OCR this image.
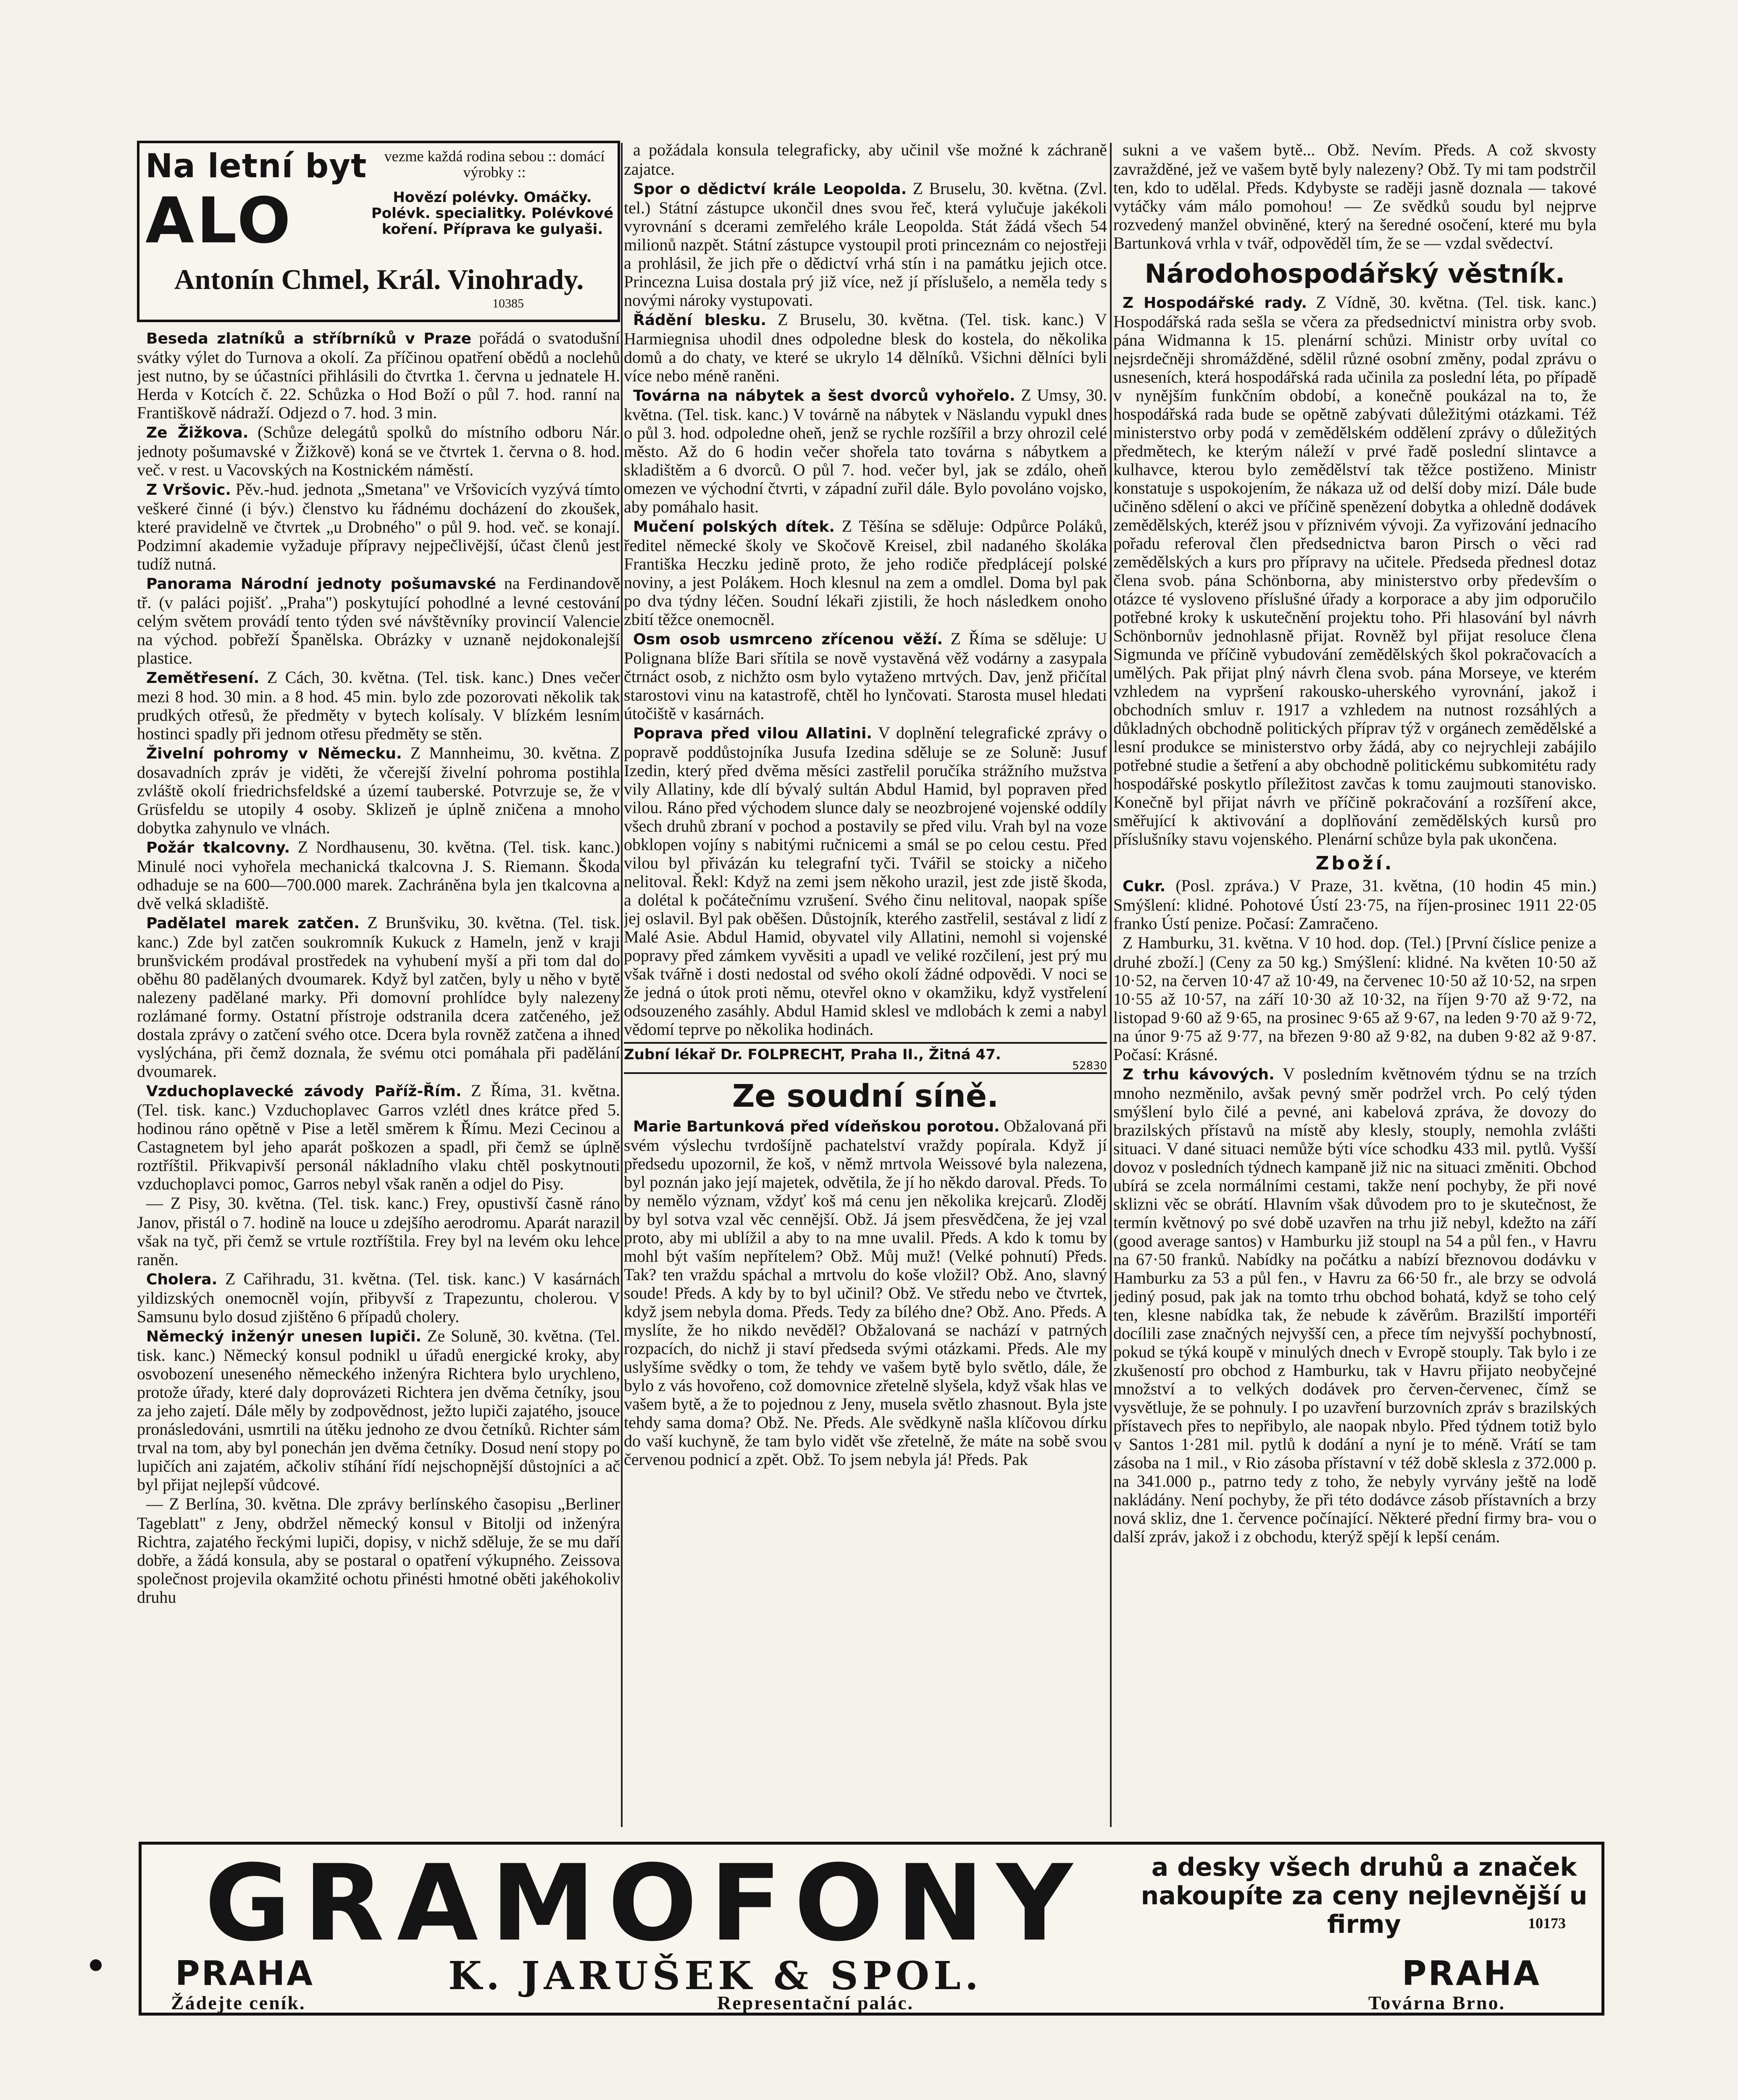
Na letní byt
ALO
vezme každá rodina sebou :: domácí výrobky ::
Hovězí polévky. Omáčky. Polévk. specialitky. Polévkové koření. Příprava ke gulyaši.
Antonín Chmel, Král. Vinohrady.
10385

Beseda zlatníků a stříbrníků v Praze pořádá o svatodušní svátky výlet do Turnova a okolí. Za příčinou opatření obědů a noclehů jest nutno, by se účastníci přihlásili do čtvrtka 1. června u jednatele H. Herda v Kotcích č. 22. Schůzka o Hod Boží o půl 7. hod. ranní na Františkově nádraží. Odjezd o 7. hod. 3 min.

Ze Žižkova. (Schůze delegátů spolků do místního odboru Nár. jednoty pošumavské v Žižkově) koná se ve čtvrtek 1. června o 8. hod. več. v rest. u Vacovských na Kostnickém náměstí.

Z Vršovic. Pěv.-hud. jednota „Smetana" ve Vršovicích vyzývá tímto veškeré činné (i býv.) členstvo ku řádnému docházení do zkoušek, které pravidelně ve čtvrtek „u Drobného" o půl 9. hod. več. se konají. Podzimní akademie vyžaduje přípravy nejpečlivější, účast členů jest tudíž nutná.

Panorama Národní jednoty pošumavské na Ferdinandově tř. (v paláci pojišť. „Praha") poskytující pohodlné a levné cestování celým světem provádí tento týden své návštěvníky provincií Valencie na východ. pobřeží Španělska. Obrázky v uznaně nejdokonalejší plastice.

Zemětřesení. Z Cách, 30. května. (Tel. tisk. kanc.) Dnes večer mezi 8 hod. 30 min. a 8 hod. 45 min. bylo zde pozorovati několik tak prudkých otřesů, že předměty v bytech kolísaly. V blízkém lesním hostinci spadly při jednom otřesu předměty se stěn.

Živelní pohromy v Německu. Z Mannheimu, 30. května. Z dosavadních zpráv je viděti, že včerejší živelní pohroma postihla zvláště okolí friedrichsfeldské a území tauberské. Potvrzuje se, že v Grüsfeldu se utopily 4 osoby. Sklizeň je úplně zničena a mnoho dobytka zahynulo ve vlnách.

Požár tkalcovny. Z Nordhausenu, 30. května. (Tel. tisk. kanc.) Minulé noci vyhořela mechanická tkalcovna J. S. Riemann. Škoda odhaduje se na 600—700.000 marek. Zachráněna byla jen tkalcovna a dvě velká skladiště.

Padělatel marek zatčen. Z Brunšviku, 30. května. (Tel. tisk. kanc.) Zde byl zatčen soukromník Kukuck z Hameln, jenž v kraji brunšvickém prodával prostředek na vyhubení myší a při tom dal do oběhu 80 padělaných dvoumarek. Když byl zatčen, byly u něho v bytě nalezeny padělané marky. Při domovní prohlídce byly nalezeny rozlámané formy. Ostatní přístroje odstranila dcera zatčeného, jež dostala zprávy o zatčení svého otce. Dcera byla rovněž zatčena a ihned vyslýchána, při čemž doznala, že svému otci pomáhala při padělání dvoumarek.

Vzduchoplavecké závody Paříž-Řím. Z Říma, 31. května. (Tel. tisk. kanc.) Vzduchoplavec Garros vzlétl dnes krátce před 5. hodinou ráno opětně v Pise a letěl směrem k Římu. Mezi Cecinou a Castagnetem byl jeho aparát poškozen a spadl, při čemž se úplně roztříštil. Přikvapivší personál nákladního vlaku chtěl poskytnouti vzduchoplavci pomoc, Garros nebyl však raněn a odjel do Pisy.

— Z Pisy, 30. května. (Tel. tisk. kanc.) Frey, opustivší časně ráno Janov, přistál o 7. hodině na louce u zdejšího aerodromu. Aparát narazil však na tyč, při čemž se vrtule roztříštila. Frey byl na levém oku lehce raněn.

Cholera. Z Cařihradu, 31. května. (Tel. tisk. kanc.) V kasárnách yildizských onemocněl vojín, přibyvší z Trapezuntu, cholerou. V Samsunu bylo dosud zjištěno 6 případů cholery.

Německý inženýr unesen lupiči. Ze Soluně, 30. května. (Tel. tisk. kanc.) Německý konsul podnikl u úřadů energické kroky, aby osvobození uneseného německého inženýra Richtera bylo urychleno, protože úřady, které daly doprovázeti Richtera jen dvěma četníky, jsou za jeho zajetí. Dále měly by zodpovědnost, ježto lupiči zajatého, jsouce pronásledováni, usmrtili na útěku jednoho ze dvou četníků. Richter sám trval na tom, aby byl ponechán jen dvěma četníky. Dosud není stopy po lupičích ani zajatém, ačkoliv stíhání řídí nejschopnější důstojníci a ač byl přijat nejlepší vůdcové.

— Z Berlína, 30. května. Dle zprávy berlínského časopisu „Berliner Tageblatt" z Jeny, obdržel německý konsul v Bitolji od inženýra Richtra, zajatého řeckými lupiči, dopisy, v nichž sděluje, že se mu daří dobře, a žádá konsula, aby se postaral o opatření výkupného. Zeissova společnost projevila okamžité ochotu přinésti hmotné oběti jakéhokoliv druhu

a požádala konsula telegraficky, aby učinil vše možné k záchraně zajatce.

Spor o dědictví krále Leopolda. Z Bruselu, 30. května. (Zvl. tel.) Státní zástupce ukončil dnes svou řeč, která vylučuje jakékoli vyrovnání s dcerami zemřelého krále Leopolda. Stát žádá všech 54 milionů nazpět. Státní zástupce vystoupil proti princeznám co nejostřeji a prohlásil, že jich pře o dědictví vrhá stín i na památku jejich otce. Princezna Luisa dostala prý již více, než jí příslušelo, a neměla tedy s novými nároky vystupovati.

Řádění blesku. Z Bruselu, 30. května. (Tel. tisk. kanc.) V Harmiegnisa uhodil dnes odpoledne blesk do kostela, do několika domů a do chaty, ve které se ukrylo 14 dělníků. Všichni dělníci byli více nebo méně raněni.

Továrna na nábytek a šest dvorců vyhořelo. Z Umsy, 30. května. (Tel. tisk. kanc.) V továrně na nábytek v Näslandu vypukl dnes o půl 3. hod. odpoledne oheň, jenž se rychle rozšířil a brzy ohrozil celé město. Až do 6 hodin večer shořela tato továrna s nábytkem a skladištěm a 6 dvorců. O půl 7. hod. večer byl, jak se zdálo, oheň omezen ve východní čtvrti, v západní zuřil dále. Bylo povoláno vojsko, aby pomáhalo hasit.

Mučení polských dítek. Z Těšína se sděluje: Odpůrce Poláků, ředitel německé školy ve Skočově Kreisel, zbil nadaného školáka Františka Heczku jedině proto, že jeho rodiče předplácejí polské noviny, a jest Polákem. Hoch klesnul na zem a omdlel. Doma byl pak po dva týdny léčen. Soudní lékaři zjistili, že hoch následkem onoho zbití těžce onemocněl.

Osm osob usmrceno zřícenou věží. Z Říma se sděluje: U Polignana blíže Bari sřítila se nově vystavěná věž vodárny a zasypala čtrnáct osob, z nichžto osm bylo vytaženo mrtvých. Dav, jenž přičítal starostovi vinu na katastrofě, chtěl ho lynčovati. Starosta musel hledati útočiště v kasárnách.

Poprava před vilou Allatini. V doplnění telegrafické zprávy o popravě poddůstojníka Jusufa Izedina sděluje se ze Soluně: Jusuf Izedin, který před dvěma měsíci zastřelil poručíka strážního mužstva vily Allatiny, kde dlí bývalý sultán Abdul Hamid, byl popraven před vilou. Ráno před východem slunce daly se neozbrojené vojenské oddíly všech druhů zbraní v pochod a postavily se před vilu. Vrah byl na voze obklopen vojíny s nabitými ručnicemi a smál se po celou cestu. Před vilou byl přivázán ku telegrafní tyči. Tvářil se stoicky a ničeho nelitoval. Řekl: Když na zemi jsem někoho urazil, jest zde jistě škoda, a dolétal k počátečnímu vzrušení. Svého činu nelitoval, naopak spíše jej oslavil. Byl pak oběšen. Důstojník, kterého zastřelil, sestával z lidí z Malé Asie. Abdul Hamid, obyvatel vily Allatini, nemohl si vojenské popravy před zámkem vyvěsiti a upadl ve veliké rozčilení, jest prý mu však tvářně i dosti nedostal od svého okolí žádné odpovědi. V noci se že jedná o útok proti němu, otevřel okno v okamžiku, když vystřelení odsouzeného zasáhly. Abdul Hamid sklesl ve mdlobách k zemi a nabyl vědomí teprve po několika hodinách.

Zubní lékař Dr. FOLPRECHT, Praha II., Žitná 47.
52830
Ze soudní síně.

Marie Bartunková před vídeňskou porotou. Obžalovaná při svém výslechu tvrdošíjně pachatelství vraždy popírala. Když jí předsedu upozornil, že koš, v němž mrtvola Weissové byla nalezena, byl poznán jako její majetek, odvětila, že jí ho někdo daroval. Předs. To by nemělo význam, vždyť koš má cenu jen několika krejcarů. Zloděj by byl sotva vzal věc cennější. Obž. Já jsem přesvědčena, že jej vzal proto, aby mi ublížil a aby to na mne uvalil. Předs. A kdo k tomu by mohl být vaším nepřítelem? Obž. Můj muž! (Velké pohnutí) Předs. Tak? ten vraždu spáchal a mrtvolu do koše vložil? Obž. Ano, slavný soude! Předs. A kdy by to byl učinil? Obž. Ve středu nebo ve čtvrtek, když jsem nebyla doma. Předs. Tedy za bílého dne? Obž. Ano. Předs. A myslíte, že ho nikdo nevěděl? Obžalovaná se nachází v patrných rozpacích, do nichž ji staví předseda svými otázkami. Předs. Ale my uslyšíme svědky o tom, že tehdy ve vašem bytě bylo světlo, dále, že bylo z vás hovořeno, což domovnice zřetelně slyšela, když však hlas ve vašem bytě, a že to pojednou z Jeny, musela světlo zhasnout. Byla jste tehdy sama doma? Obž. Ne. Předs. Ale svědkyně našla klíčovou dírku do vaší kuchyně, že tam bylo vidět vše zřetelně, že máte na sobě svou červenou podnicí a zpět. Obž. To jsem nebyla já! Předs. Pak

sukni a ve vašem bytě... Obž. Nevím. Předs. A což skvosty zavražděné, jež ve vašem bytě byly nalezeny? Obž. Ty mi tam podstrčil ten, kdo to udělal. Předs. Kdybyste se raději jasně doznala — takové vytáčky vám málo pomohou! — Ze svědků soudu byl nejprve rozvedený manžel obviněné, který na šeredné osočení, které mu byla Bartunková vrhla v tvář, odpověděl tím, že se — vzdal svědectví.

Národohospodářský věstník.

Z Hospodářské rady. Z Vídně, 30. května. (Tel. tisk. kanc.) Hospodářská rada sešla se včera za předsednictví ministra orby svob. pána Widmanna k 15. plenární schůzi. Ministr orby uvítal co nejsrdečněji shromážděné, sdělil různé osobní změny, podal zprávu o usneseních, která hospodářská rada učinila za poslední léta, po případě v nynějším funkčním období, a konečně poukázal na to, že hospodářská rada bude se opětně zabývati důležitými otázkami. Též ministerstvo orby podá v zemědělském oddělení zprávy o důležitých předmětech, ke kterým náleží v prvé řadě poslední slintavce a kulhavce, kterou bylo zemědělství tak těžce postiženo. Ministr konstatuje s uspokojením, že nákaza už od delší doby mizí. Dále bude učiněno sdělení o akci ve příčině spenězení dobytka a ohledně dodávek zemědělských, kteréž jsou v příznivém vývoji. Za vyřizování jednacího pořadu referoval člen předsednictva baron Pirsch o věci rad zemědělských a kurs pro přípravy na učitele. Předseda přednesl dotaz člena svob. pána Schönborna, aby ministerstvo orby především o otázce té vysloveno příslušné úřady a korporace a aby jim odporučilo potřebné kroky k uskutečnění projektu toho. Při hlasování byl návrh Schönbornův jednohlasně přijat. Rovněž byl přijat resoluce člena Sigmunda ve příčině vybudování zemědělských škol pokračovacích a umělých. Pak přijat plný návrh člena svob. pána Morseye, ve kterém vzhledem na vypršení rakousko-uherského vyrovnání, jakož i obchodních smluv r. 1917 a vzhledem na nutnost rozsáhlých a důkladných obchodně politických příprav týž v orgánech zemědělské a lesní produkce se ministerstvo orby žádá, aby co nejrychleji zabájilo potřebné studie a šetření a aby obchodně politickému subkomitétu rady hospodářské poskytlo příležitost zavčas k tomu zaujmouti stanovisko. Konečně byl přijat návrh ve příčině pokračování a rozšíření akce, směřující k aktivování a doplňování zemědělských kursů pro příslušníky stavu vojenského. Plenární schůze byla pak ukončena.

Zboží.

Cukr. (Posl. zpráva.) V Praze, 31. května, (10 hodin 45 min.) Smýšlení: klidné. Pohotové Ústí 23·75, na říjen-prosinec 1911 22·05 franko Ústí penize. Počasí: Zamračeno.

Z Hamburku, 31. května. V 10 hod. dop. (Tel.) [První číslice penize a druhé zboží.] (Ceny za 50 kg.) Smýšlení: klidné. Na květen 10·50 až 10·52, na červen 10·47 až 10·49, na červenec 10·50 až 10·52, na srpen 10·55 až 10·57, na září 10·30 až 10·32, na říjen 9·70 až 9·72, na listopad 9·60 až 9·65, na prosinec 9·65 až 9·67, na leden 9·70 až 9·72, na únor 9·75 až 9·77, na březen 9·80 až 9·82, na duben 9·82 až 9·87. Počasí: Krásné.

Z trhu kávových. V posledním květnovém týdnu se na trzích mnoho nezměnilo, avšak pevný směr podržel vrch. Po celý týden smýšlení bylo čilé a pevné, ani kabelová zpráva, že dovozy do brazilských přístavů na místě aby klesly, stouply, nemohla zvlášti situaci. V dané situaci nemůže býti více schodku 433 mil. pytlů. Vyšší dovoz v posledních týdnech kampaně již nic na situaci změniti. Obchod ubírá se zcela normálními cestami, takže není pochyby, že při nové sklizni věc se obrátí. Hlavním však důvodem pro to je skutečnost, že termín květnový po své době uzavřen na trhu již nebyl, kdežto na září (good average santos) v Hamburku již stoupl na 54 a půl fen., v Havru na 67·50 franků. Nabídky na počátku a nabízí březnovou dodávku v Hamburku za 53 a půl fen., v Havru za 66·50 fr., ale brzy se odvolá jediný posud, pak jak na tomto trhu obchod bohatá, když se toho celý ten, klesne nabídka tak, že nebude k závěrům. Brazilští importéři docílili zase značných nejvyšší cen, a přece tím nejvyšší pochybností, pokud se týká koupě v minulých dnech v Evropě stouply. Tak bylo i ze zkušeností pro obchod z Hamburku, tak v Havru přijato neobyčejné množství a to velkých dodávek pro červen-červenec, čímž se vysvětluje, že se pohnuly. I po uzavření burzovních zpráv s brazilských přístavech přes to nepřibylo, ale naopak nbylo. Před týdnem totiž bylo v Santos 1·281 mil. pytlů k dodání a nyní je to méně. Vrátí se tam zásoba na 1 mil., v Rio zásoba přístavní v též době sklesla z 372.000 p. na 341.000 p., patrno tedy z toho, že nebyly vyrvány ještě na lodě nakládány. Není pochyby, že při této dodávce zásob přístavních a brzy nová skliz, dne 1. července počínající. Některé přední firmy bra- vou o další zpráv, jakož i z obchodu, kterýž spějí k lepší cenám.

GRAMOFONY	a desky všech druhů a značek nakoupíte za ceny nejlevnější u firmy	10173
PRAHA	K. JARUŠEK & SPOL.	PRAHA
Žádejte ceník.	Representační palác.	Továrna Brno.
